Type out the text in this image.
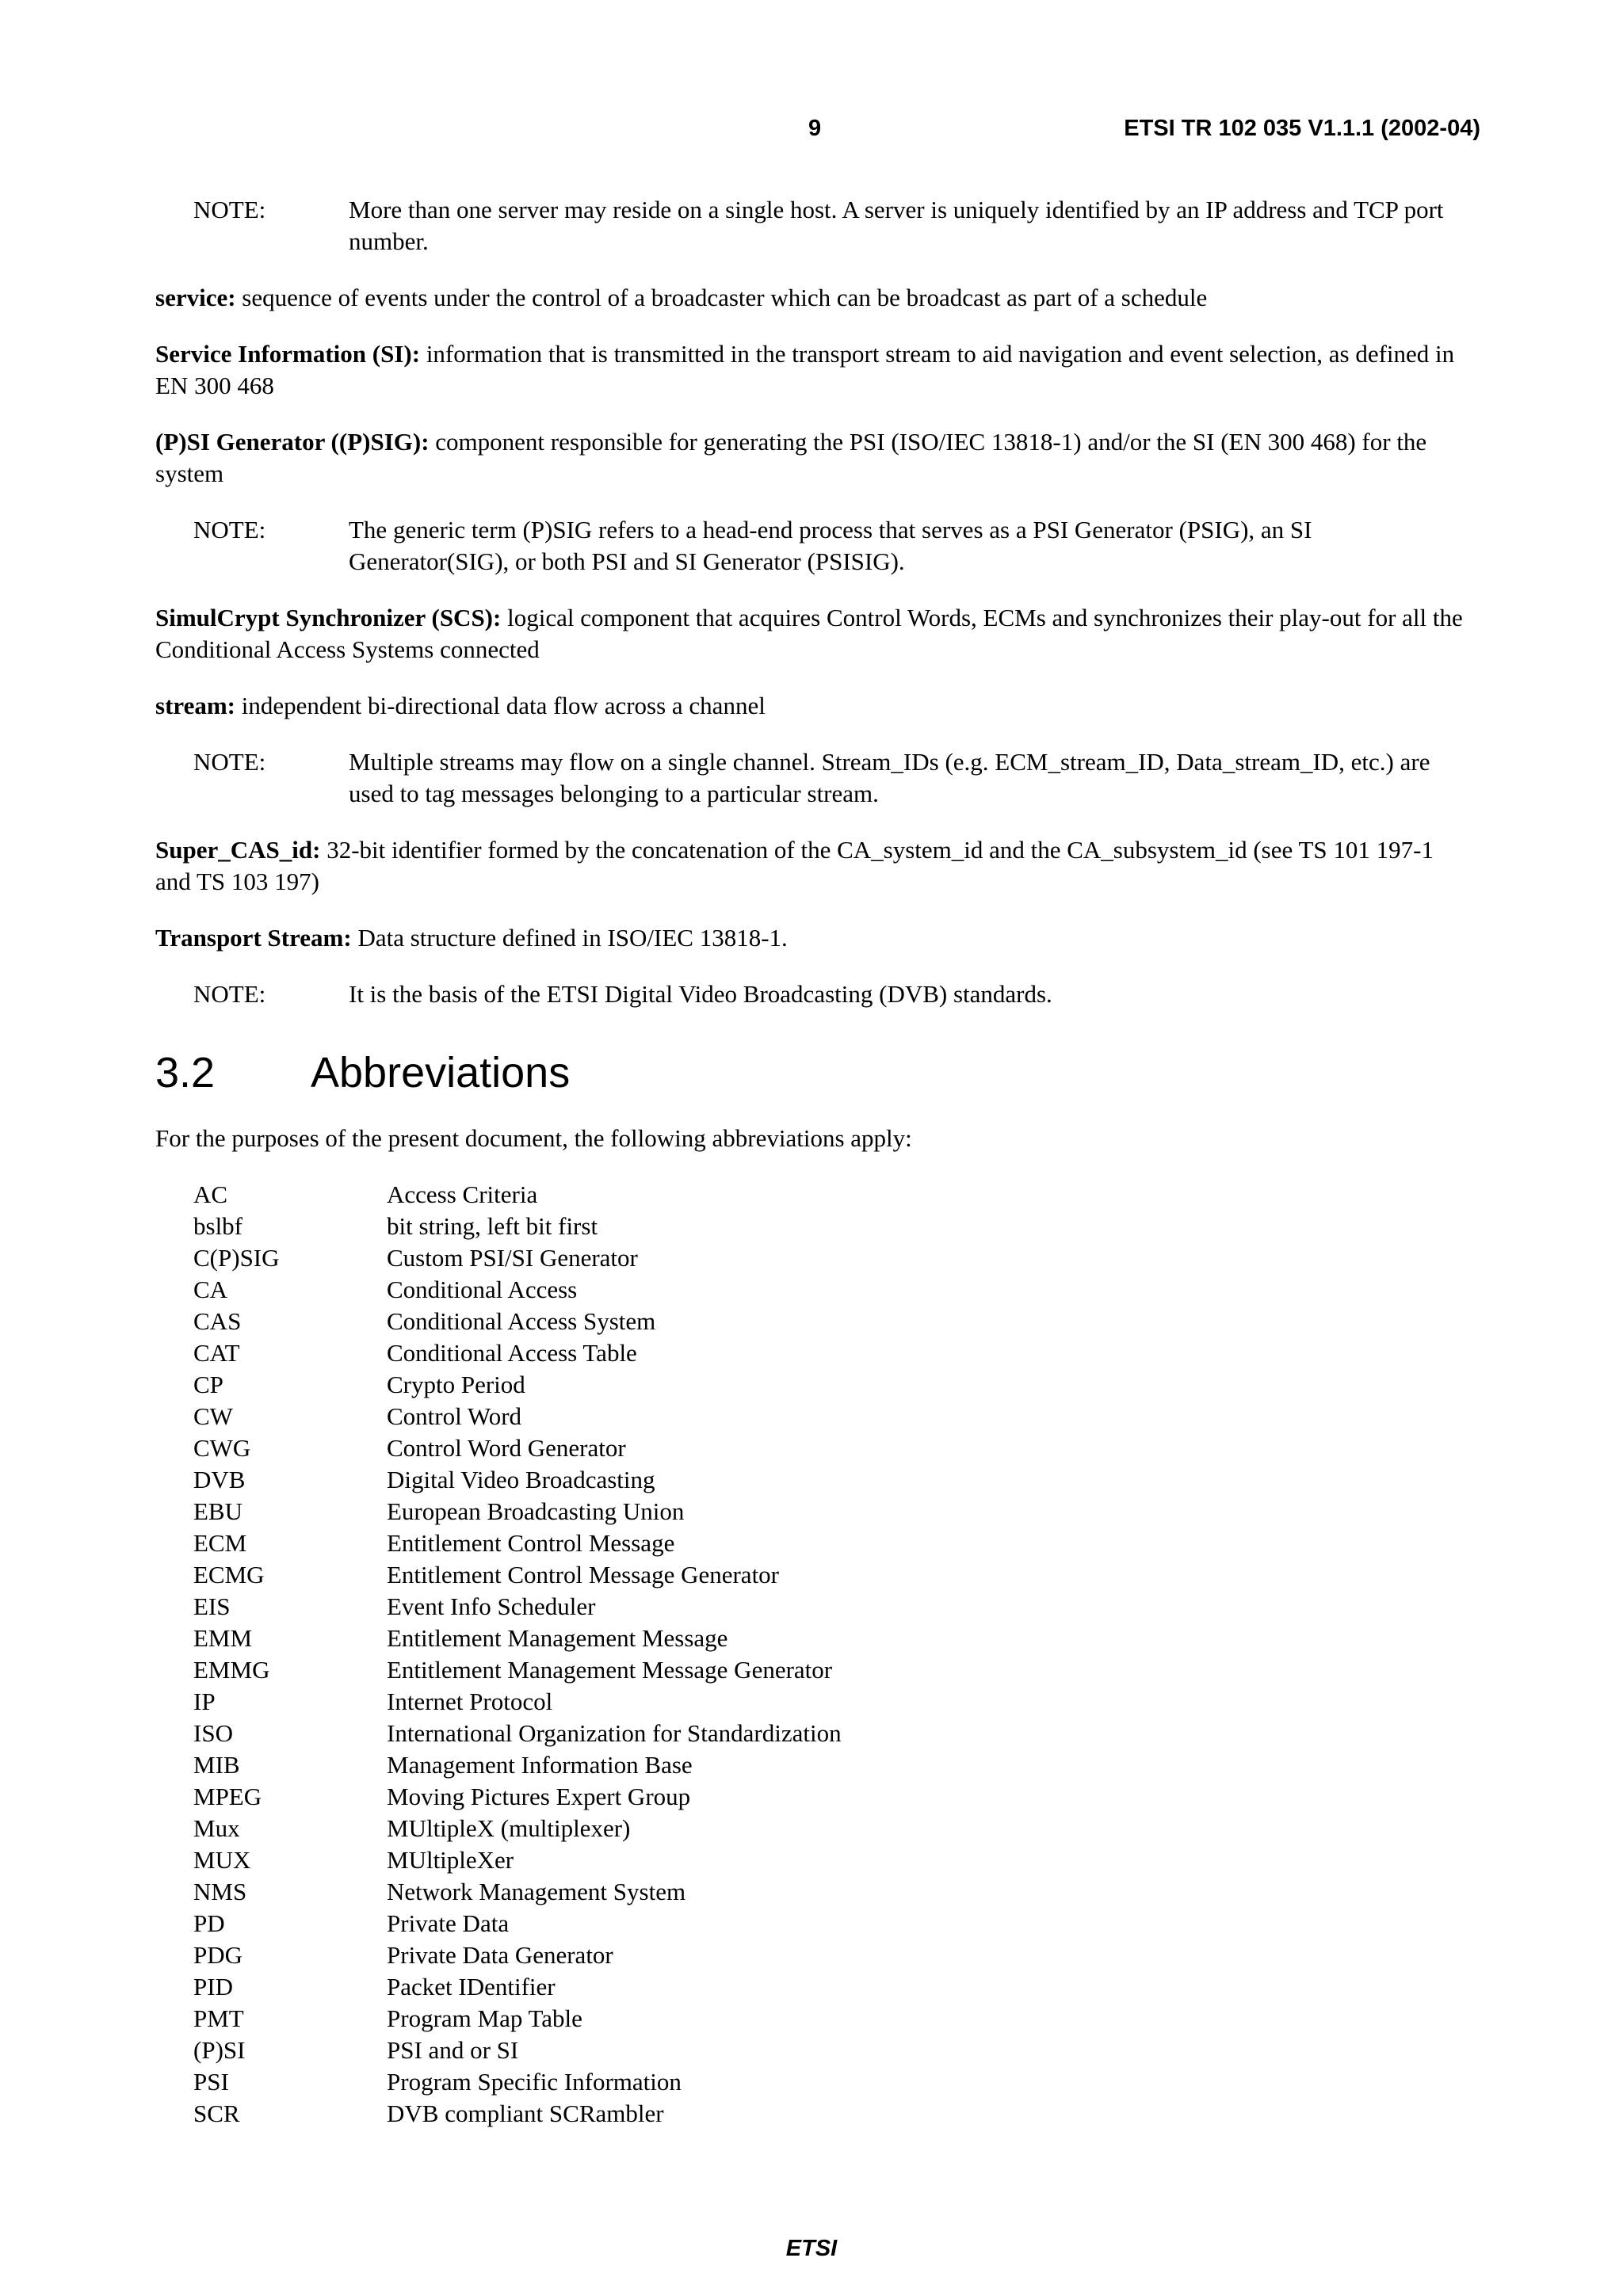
9	ETSI TR 102 035 V1.1.1 (2002-04)
NOTE:	More than one server may reside on a single host. A server is uniquely identified by an IP address and TCP port number.

service: sequence of events under the control of a broadcaster which can be broadcast as part of a schedule

Service Information (SI): information that is transmitted in the transport stream to aid navigation and event selection, as defined in EN 300 468

(P)SI Generator ((P)SIG): component responsible for generating the PSI (ISO/IEC 13818-1) and/or the SI (EN 300 468) for the system

NOTE:	The generic term (P)SIG refers to a head-end process that serves as a PSI Generator (PSIG), an SI Generator(SIG), or both PSI and SI Generator (PSISIG).

SimulCrypt Synchronizer (SCS): logical component that acquires Control Words, ECMs and synchronizes their play-out for all the Conditional Access Systems connected

stream: independent bi-directional data flow across a channel

NOTE:	Multiple streams may flow on a single channel. Stream_IDs (e.g. ECM_stream_ID, Data_stream_ID, etc.) are used to tag messages belonging to a particular stream.

Super_CAS_id: 32-bit identifier formed by the concatenation of the CA_system_id and the CA_subsystem_id (see TS 101 197-1 and TS 103 197)

Transport Stream: Data structure defined in ISO/IEC 13818-1.

NOTE:	It is the basis of the ETSI Digital Video Broadcasting (DVB) standards.
3.2 Abbreviations

For the purposes of the present document, the following abbreviations apply:

AC	Access Criteria
bslbf	bit string, left bit first
C(P)SIG	Custom PSI/SI Generator
CA	Conditional Access
CAS	Conditional Access System
CAT	Conditional Access Table
CP	Crypto Period
CW	Control Word
CWG	Control Word Generator
DVB	Digital Video Broadcasting
EBU	European Broadcasting Union
ECM	Entitlement Control Message
ECMG	Entitlement Control Message Generator
EIS	Event Info Scheduler
EMM	Entitlement Management Message
EMMG	Entitlement Management Message Generator
IP	Internet Protocol
ISO	International Organization for Standardization
MIB	Management Information Base
MPEG	Moving Pictures Expert Group
Mux	MUltipleX (multiplexer)
MUX	MUltipleXer
NMS	Network Management System
PD	Private Data
PDG	Private Data Generator
PID	Packet IDentifier
PMT	Program Map Table
(P)SI	PSI and or SI
PSI	Program Specific Information
SCR	DVB compliant SCRambler
ETSI
